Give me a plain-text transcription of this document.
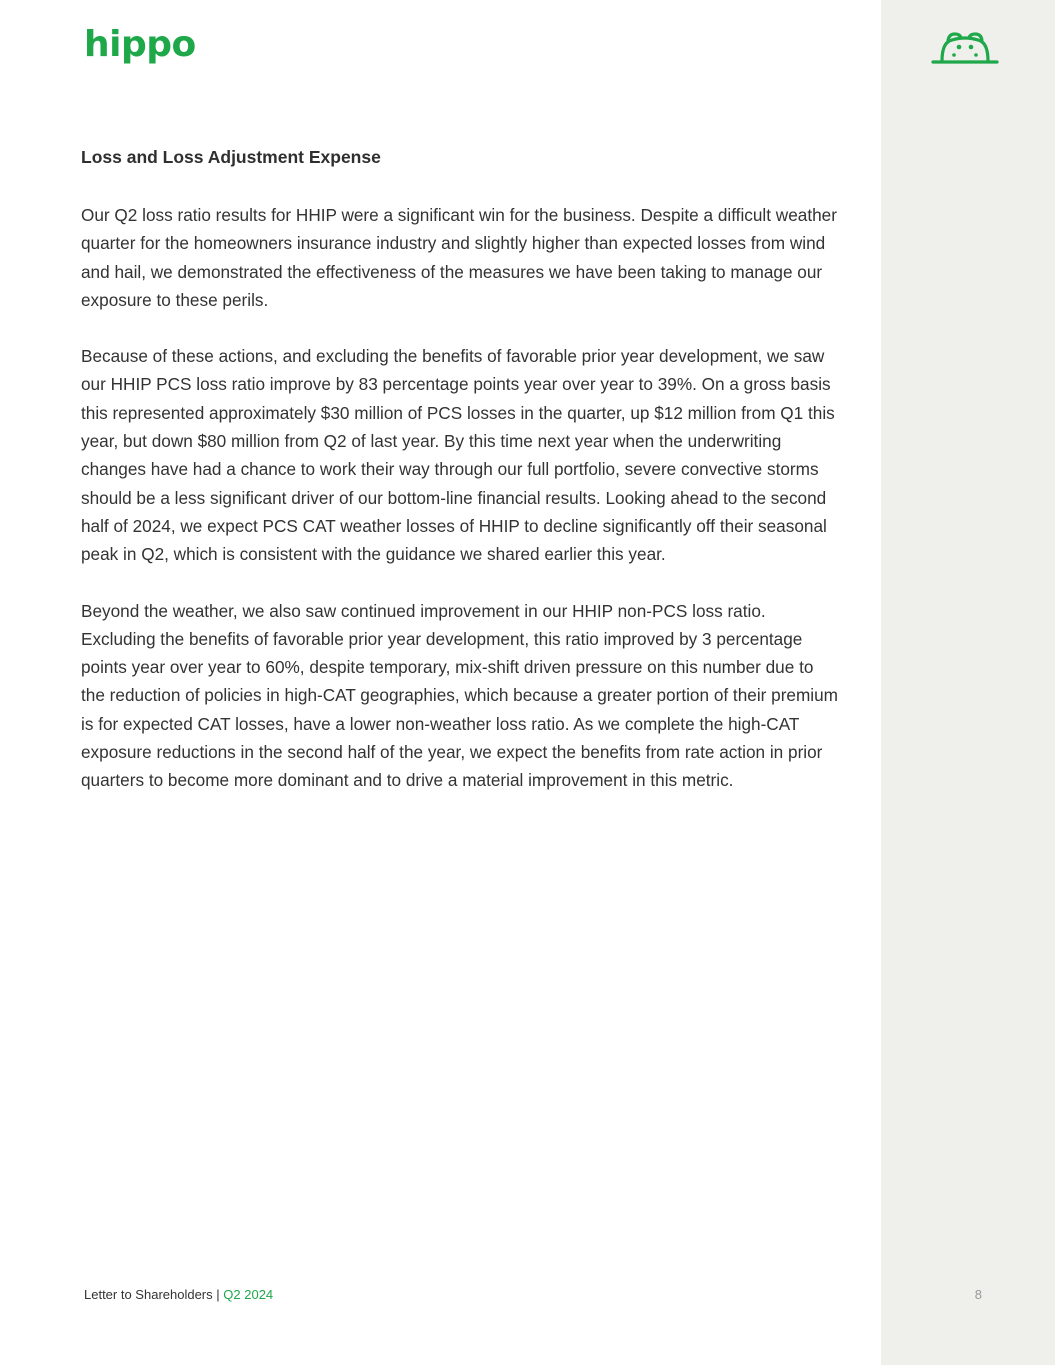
hippo
Loss and Loss Adjustment Expense

Our Q2 loss ratio results for HHIP were a significant win for the business. Despite a difficult weather quarter for the homeowners insurance industry and slightly higher than expected losses from wind and hail, we demonstrated the effectiveness of the measures we have been taking to manage our exposure to these perils.

Because of these actions, and excluding the benefits of favorable prior year development, we saw our HHIP PCS loss ratio improve by 83 percentage points year over year to 39%. On a gross basis this represented approximately $30 million of PCS losses in the quarter, up $12 million from Q1 this year, but down $80 million from Q2 of last year. By this time next year when the underwriting changes have had a chance to work their way through our full portfolio, severe convective storms should be a less significant driver of our bottom-line financial results. Looking ahead to the second half of 2024, we expect PCS CAT weather losses of HHIP to decline significantly off their seasonal peak in Q2, which is consistent with the guidance we shared earlier this year.

Beyond the weather, we also saw continued improvement in our HHIP non-PCS loss ratio. Excluding the benefits of favorable prior year development, this ratio improved by 3 percentage points year over year to 60%, despite temporary, mix-shift driven pressure on this number due to the reduction of policies in high-CAT geographies, which because a greater portion of their premium is for expected CAT losses, have a lower non-weather loss ratio. As we complete the high-CAT exposure reductions in the second half of the year, we expect the benefits from rate action in prior quarters to become more dominant and to drive a material improvement in this metric.

Letter to Shareholders | Q2 2024	8
